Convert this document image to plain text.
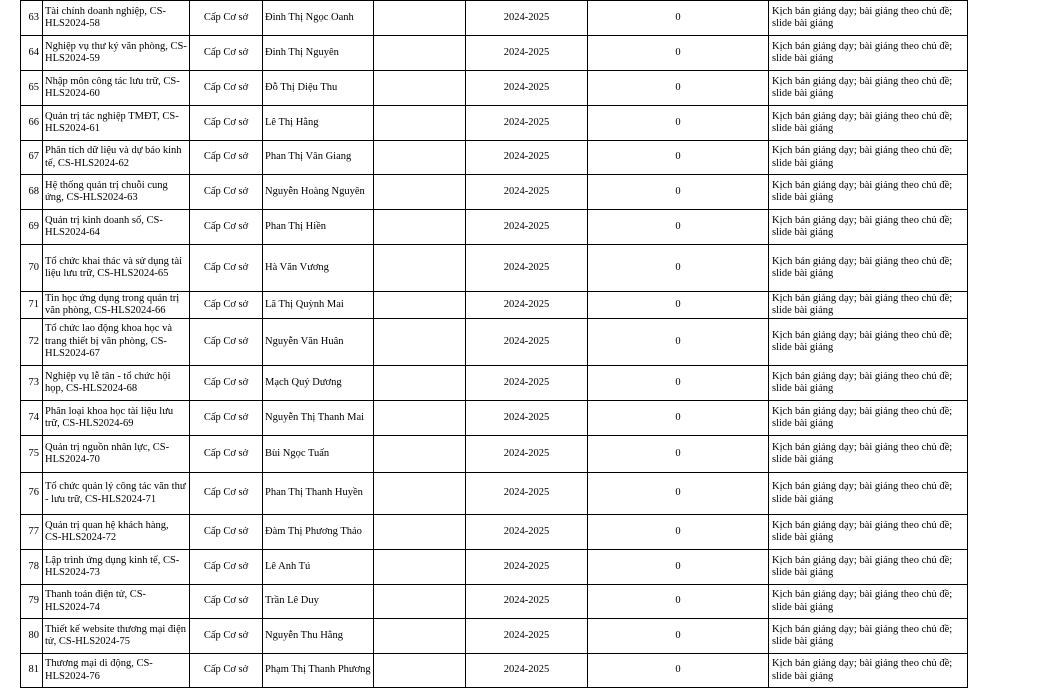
63	Tài chính doanh nghiệp, CS-HLS2024-58	Cấp Cơ sở	Đinh Thị Ngọc Oanh		2024-2025	0	Kịch bản giảng dạy; bài giảng theo chủ đề; slide bài giảng
64	Nghiệp vụ thư ký văn phòng, CS-HLS2024-59	Cấp Cơ sở	Đinh Thị Nguyên		2024-2025	0	Kịch bản giảng dạy; bài giảng theo chủ đề; slide bài giảng
65	Nhập môn công tác lưu trữ, CS-HLS2024-60	Cấp Cơ sở	Đỗ Thị Diệu Thu		2024-2025	0	Kịch bản giảng dạy; bài giảng theo chủ đề; slide bài giảng
66	Quản trị tác nghiệp TMĐT, CS-HLS2024-61	Cấp Cơ sở	Lê Thị Hằng		2024-2025	0	Kịch bản giảng dạy; bài giảng theo chủ đề; slide bài giảng
67	Phân tích dữ liệu và dự báo kinh tế, CS-HLS2024-62	Cấp Cơ sở	Phan Thị Vân Giang		2024-2025	0	Kịch bản giảng dạy; bài giảng theo chủ đề; slide bài giảng
68	Hệ thống quản trị chuỗi cung ứng, CS-HLS2024-63	Cấp Cơ sở	Nguyễn Hoàng Nguyên		2024-2025	0	Kịch bản giảng dạy; bài giảng theo chủ đề; slide bài giảng
69	Quản trị kinh doanh số, CS-HLS2024-64	Cấp Cơ sở	Phan Thị Hiền		2024-2025	0	Kịch bản giảng dạy; bài giảng theo chủ đề; slide bài giảng
70	Tổ chức khai thác và sử dụng tài liệu lưu trữ, CS-HLS2024-65	Cấp Cơ sở	Hà Văn Vương		2024-2025	0	Kịch bản giảng dạy; bài giảng theo chủ đề; slide bài giảng
71	Tin học ứng dụng trong quản trị văn phòng, CS-HLS2024-66	Cấp Cơ sở	Lã Thị Quỳnh Mai		2024-2025	0	Kịch bản giảng dạy; bài giảng theo chủ đề; slide bài giảng
72	Tổ chức lao động khoa học và trang thiết bị văn phòng, CS-HLS2024-67	Cấp Cơ sở	Nguyễn Văn Huân		2024-2025	0	Kịch bản giảng dạy; bài giảng theo chủ đề; slide bài giảng
73	Nghiệp vụ lễ tân - tổ chức hội họp, CS-HLS2024-68	Cấp Cơ sở	Mạch Quý Dương		2024-2025	0	Kịch bản giảng dạy; bài giảng theo chủ đề; slide bài giảng
74	Phân loại khoa học tài liệu lưu trữ, CS-HLS2024-69	Cấp Cơ sở	Nguyễn Thị Thanh Mai		2024-2025	0	Kịch bản giảng dạy; bài giảng theo chủ đề; slide bài giảng
75	Quản trị nguồn nhân lực, CS-HLS2024-70	Cấp Cơ sở	Bùi Ngọc Tuấn		2024-2025	0	Kịch bản giảng dạy; bài giảng theo chủ đề; slide bài giảng
76	Tổ chức quản lý công tác văn thư - lưu trữ, CS-HLS2024-71	Cấp Cơ sở	Phan Thị Thanh Huyền		2024-2025	0	Kịch bản giảng dạy; bài giảng theo chủ đề; slide bài giảng
77	Quản trị quan hệ khách hàng, CS-HLS2024-72	Cấp Cơ sở	Đàm Thị Phương Thảo		2024-2025	0	Kịch bản giảng dạy; bài giảng theo chủ đề; slide bài giảng
78	Lập trình ứng dụng kinh tế, CS-HLS2024-73	Cấp Cơ sở	Lê Anh Tú		2024-2025	0	Kịch bản giảng dạy; bài giảng theo chủ đề; slide bài giảng
79	Thanh toán điện tử, CS-HLS2024-74	Cấp Cơ sở	Trần Lê Duy		2024-2025	0	Kịch bản giảng dạy; bài giảng theo chủ đề; slide bài giảng
80	Thiết kế website thương mại điện tử, CS-HLS2024-75	Cấp Cơ sở	Nguyễn Thu Hằng		2024-2025	0	Kịch bản giảng dạy; bài giảng theo chủ đề; slide bài giảng
81	Thương mại di động, CS-HLS2024-76	Cấp Cơ sở	Phạm Thị Thanh Phương		2024-2025	0	Kịch bản giảng dạy; bài giảng theo chủ đề; slide bài giảng
